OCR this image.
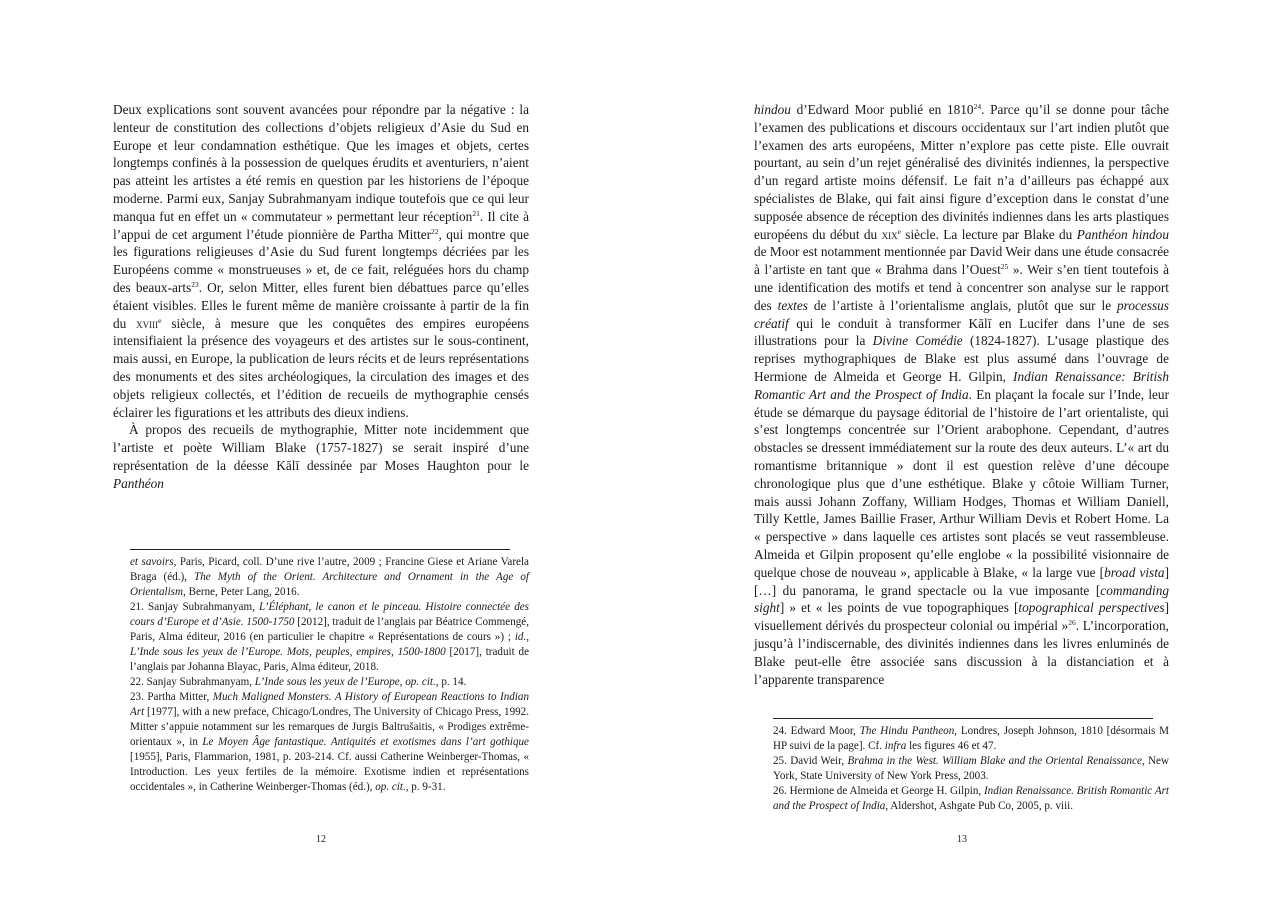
Deux explications sont souvent avancées pour répondre par la négative : la lenteur de constitution des collections d’objets religieux d’Asie du Sud en Europe et leur condamnation esthétique. Que les images et objets, certes longtemps confinés à la possession de quelques érudits et aventuriers, n’aient pas atteint les artistes a été remis en question par les historiens de l’époque moderne. Parmi eux, Sanjay Subrahmanyam indique toutefois que ce qui leur manqua fut en effet un « commutateur » permettant leur réception$^{21}$. Il cite à l’appui de cet argument l’étude pionnière de Partha Mitter$^{22}$, qui montre que les figurations religieuses d’Asie du Sud furent longtemps décriées par les Européens comme « monstrueuses » et, de ce fait, reléguées hors du champ des beaux-arts$^{23}$. Or, selon Mitter, elles furent bien débattues parce qu’elles étaient visibles. Elles le furent même de manière croissante à partir de la fin du xviii$^e$ siècle, à mesure que les conquêtes des empires européens intensifiaient la présence des voyageurs et des artistes sur le sous-continent, mais aussi, en Europe, la publication de leurs récits et de leurs représentations des monuments et des sites archéologiques, la circulation des images et des objets religieux collectés, et l’édition de recueils de mythographie censés éclairer les figurations et les attributs des dieux indiens.

À propos des recueils de mythographie, Mitter note incidemment que l’artiste et poète William Blake (1757-1827) se serait inspiré d’une représentation de la déesse Kālī dessinée par Moses Haughton pour le Panthéon

et savoirs, Paris, Picard, coll. D’une rive l’autre, 2009 ; Francine Giese et Ariane Varela Braga (éd.), The Myth of the Orient. Architecture and Ornament in the Age of Orientalism, Berne, Peter Lang, 2016.

21. Sanjay Subrahmanyam, L’Éléphant, le canon et le pinceau. Histoire connectée des cours d’Europe et d’Asie. 1500-1750 [2012], traduit de l’anglais par Béatrice Commengé, Paris, Alma éditeur, 2016 (en particulier le chapitre « Représentations de cours ») ; id., L’Inde sous les yeux de l’Europe. Mots, peuples, empires, 1500-1800 [2017], traduit de l’anglais par Johanna Blayac, Paris, Alma éditeur, 2018.

22. Sanjay Subrahmanyam, L’Inde sous les yeux de l’Europe, op. cit., p. 14.

23. Partha Mitter, Much Maligned Monsters. A History of European Reactions to Indian Art [1977], with a new preface, Chicago/Londres, The University of Chicago Press, 1992. Mitter s’appuie notamment sur les remarques de Jurgis Baltrušaitis, « Prodiges extrême-orientaux », in Le Moyen Âge fantastique. Antiquités et exotismes dans l’art gothique [1955], Paris, Flammarion, 1981, p. 203-214. Cf. aussi Catherine Weinberger-Thomas, « Introduction. Les yeux fertiles de la mémoire. Exotisme indien et représentations occidentales », in Catherine Weinberger-Thomas (éd.), op. cit., p. 9-31.

12

hindou d’Edward Moor publié en 1810$^{24}$. Parce qu’il se donne pour tâche l’examen des publications et discours occidentaux sur l’art indien plutôt que l’examen des arts européens, Mitter n’explore pas cette piste. Elle ouvrait pourtant, au sein d’un rejet généralisé des divinités indiennes, la perspective d’un regard artiste moins défensif. Le fait n’a d’ailleurs pas échappé aux spécialistes de Blake, qui fait ainsi figure d’exception dans le constat d’une supposée absence de réception des divinités indiennes dans les arts plastiques européens du début du xix$^e$ siècle. La lecture par Blake du Panthéon hindou de Moor est notamment mentionnée par David Weir dans une étude consacrée à l’artiste en tant que « Brahma dans l’Ouest$^{25}$ ». Weir s’en tient toutefois à une identification des motifs et tend à concentrer son analyse sur le rapport des textes de l’artiste à l’orientalisme anglais, plutôt que sur le processus créatif qui le conduit à transformer Kālī en Lucifer dans l’une de ses illustrations pour la Divine Comédie (1824-1827). L’usage plastique des reprises mythographiques de Blake est plus assumé dans l’ouvrage de Hermione de Almeida et George H. Gilpin, Indian Renaissance: British Romantic Art and the Prospect of India. En plaçant la focale sur l’Inde, leur étude se démarque du paysage éditorial de l’histoire de l’art orientaliste, qui s’est longtemps concentrée sur l’Orient arabophone. Cependant, d’autres obstacles se dressent immédiatement sur la route des deux auteurs. L’« art du romantisme britannique » dont il est question relève d’une découpe chronologique plus que d’une esthétique. Blake y côtoie William Turner, mais aussi Johann Zoffany, William Hodges, Thomas et William Daniell, Tilly Kettle, James Baillie Fraser, Arthur William Devis et Robert Home. La « perspective » dans laquelle ces artistes sont placés se veut rassembleuse. Almeida et Gilpin proposent qu’elle englobe « la possibilité visionnaire de quelque chose de nouveau », applicable à Blake, « la large vue [broad vista] […] du panorama, le grand spectacle ou la vue imposante [commanding sight] » et « les points de vue topographiques [topographical perspectives] visuellement dérivés du prospecteur colonial ou impérial »$^{26}$. L’incorporation, jusqu’à l’indiscernable, des divinités indiennes dans les livres enluminés de Blake peut-elle être associée sans discussion à la distanciation et à l’apparente transparence

24. Edward Moor, The Hindu Pantheon, Londres, Joseph Johnson, 1810 [désormais M HP suivi de la page]. Cf. infra les figures 46 et 47.

25. David Weir, Brahma in the West. William Blake and the Oriental Renaissance, New York, State University of New York Press, 2003.

26. Hermione de Almeida et George H. Gilpin, Indian Renaissance. British Romantic Art and the Prospect of India, Aldershot, Ashgate Pub Co, 2005, p. viii.

13
